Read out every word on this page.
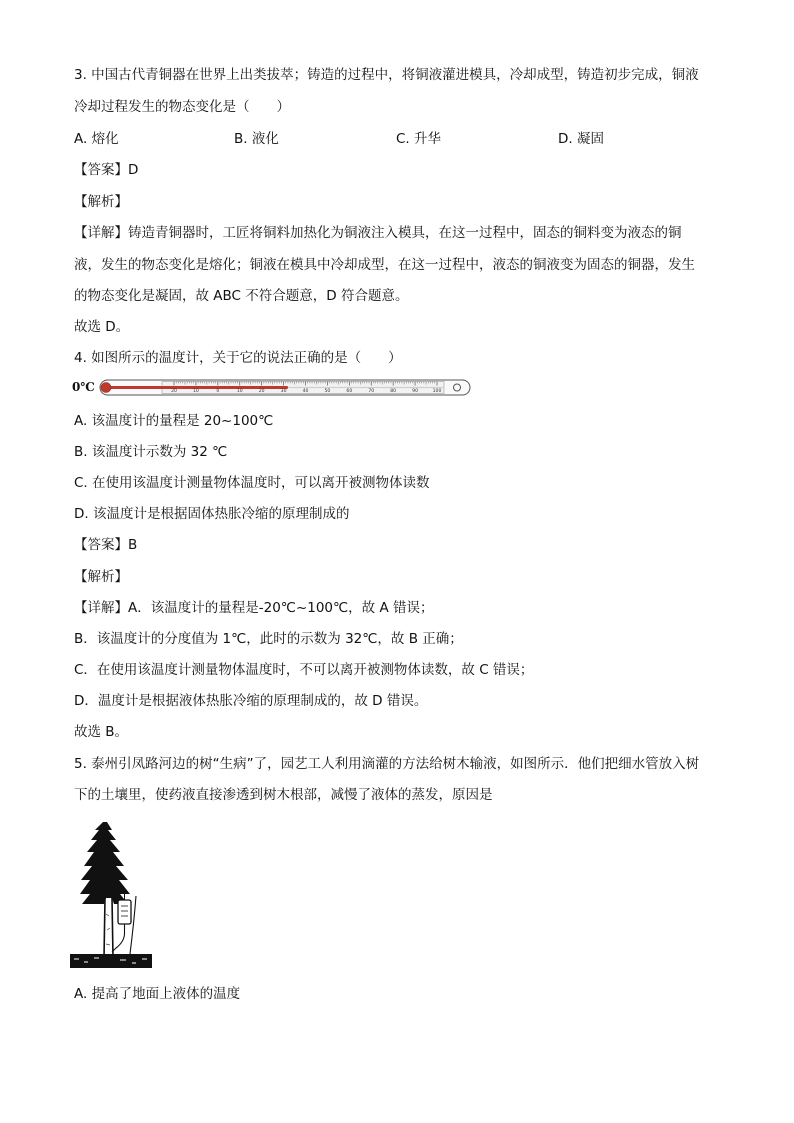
3. 中国古代青铜器在世界上出类拔萃；铸造的过程中，将铜液灌进模具，冷却成型，铸造初步完成，铜液
冷却过程发生的物态变化是（　　）
A. 熔化	B. 液化	C. 升华	D. 凝固
【答案】D
【解析】
【详解】铸造青铜器时，工匠将铜料加热化为铜液注入模具，在这一过程中，固态的铜料变为液态的铜
液，发生的物态变化是熔化；铜液在模具中冷却成型，在这一过程中，液态的铜液变为固态的铜器，发生
的物态变化是凝固，故 ABC 不符合题意，D 符合题意。
故选 D。
4. 如图所示的温度计，关于它的说法正确的是（　　）
0℃	20	10	0	10	20	30	40	50	60	70	80	90	100
A. 该温度计的量程是 20~100℃
B. 该温度计示数为 32 ℃
C. 在使用该温度计测量物体温度时，可以离开被测物体读数
D. 该温度计是根据固体热胀冷缩的原理制成的
【答案】B
【解析】
【详解】A．该温度计的量程是-20℃~100℃，故 A 错误；
B．该温度计的分度值为 1℃，此时的示数为 32℃，故 B 正确；
C．在使用该温度计测量物体温度时，不可以离开被测物体读数，故 C 错误；
D．温度计是根据液体热胀冷缩的原理制成的，故 D 错误。
故选 B。
5. 泰州引凤路河边的树“生病”了，园艺工人利用滴灌的方法给树木输液，如图所示．他们把细水管放入树
下的土壤里，使药液直接渗透到树木根部，减慢了液体的蒸发，原因是
A. 提高了地面上液体的温度
